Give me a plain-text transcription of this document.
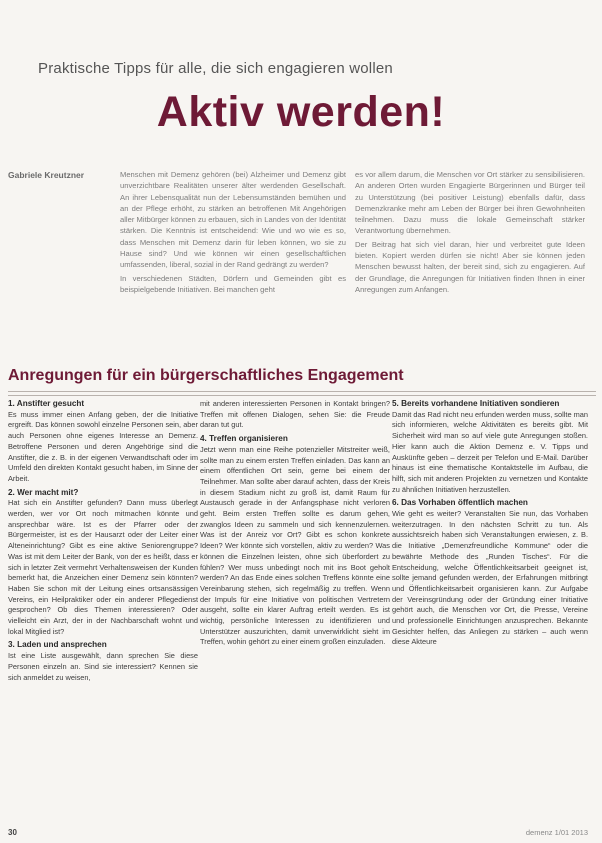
Praktische Tipps für alle, die sich engagieren wollen
Aktiv werden!
Gabriele Kreutzner	Menschen mit Demenz gehören (bei) Alzheimer und Demenz gibt unverzichtbare Realitäten unserer älter werdenden Gesellschaft. An ihrer Lebensqualität nun der Lebensumständen bemühen und an der Pflege erhöht, zu stärken an betroffenen Mit Angehörigen aller Mitbürger können zu erbauen, sich in Landes von der Identität stärken. Die Kenntnis ist entscheidend: Wie und wo wie es so, dass Menschen mit Demenz darin für leben können, wo sie zu Hause sind? Und wie können wir einen gesellschaftlichen umfassenden, liberal, sozial in der Rand gedrängt zu werden?

In verschiedenen Städten, Dörfern und Gemeinden gibt es beispielgebende Initiativen. Bei manchen geht

es vor allem darum, die Menschen vor Ort stärker zu sensibilisieren. An anderen Orten wurden Engagierte Bürgerinnen und Bürger teil zu Unterstützung (bei positiver Leistung) ebenfalls dafür, dass Demenzkranke mehr am Leben der Bürger bei ihren Gewohnheiten teilnehmen. Dazu muss die lokale Gemeinschaft stärker Verantwortung übernehmen.

Der Beitrag hat sich viel daran, hier und verbreitet gute Ideen bieten. Kopiert werden dürfen sie nicht! Aber sie können jeden Menschen bewusst halten, der bereit sind, sich zu engagieren. Auf der Grundlage, die Anregungen für Initiativen finden Ihnen in einer Anregungen zum Anfangen.

Anregungen für ein bürgerschaftliches Engagement
1. Anstifter gesucht

Es muss immer einen Anfang geben, der die Initiative ergreift. Das können sowohl einzelne Personen sein, aber auch Personen ohne eigenes Interesse an Demenz. Betroffene Personen und deren Angehörige sind die Anstifter, die z. B. in der eigenen Verwandtschaft oder im Umfeld den direkten Kontakt gesucht haben, im Sinne der Arbeit.

2. Wer macht mit?

Hat sich ein Anstifter gefunden? Dann muss überlegt werden, wer vor Ort noch mitmachen könnte und ansprechbar wäre. Ist es der Pfarrer oder der Bürgermeister, ist es der Hausarzt oder der Leiter einer Alteneinrichtung? Gibt es eine aktive Seniorengruppe? Was ist mit dem Leiter der Bank, von der es heißt, dass er sich in letzter Zeit vermehrt Verhaltensweisen der Kunden bemerkt hat, die Anzeichen einer Demenz sein könnten? Haben Sie schon mit der Leitung eines ortsansässigen Vereins, ein Heilpraktiker oder ein anderer Pflegedienst gesprochen? Ob dies Themen interessieren? Oder vielleicht ein Arzt, der in der Nachbarschaft wohnt und lokal Mitglied ist?

3. Laden und ansprechen

Ist eine Liste ausgewählt, dann sprechen Sie diese Personen einzeln an. Sind sie interessiert? Kennen sie sich anmeldet zu weisen,

mit anderen interessierten Personen in Kontakt bringen? Treffen mit offenen Dialogen, sehen Sie: die Freude daran tut gut.

4. Treffen organisieren

Jetzt wenn man eine Reihe potenzieller Mitstreiter weiß, sollte man zu einem ersten Treffen einladen. Das kann an einem öffentlichen Ort sein, gerne bei einem der Teilnehmer. Man sollte aber darauf achten, dass der Kreis in diesem Stadium nicht zu groß ist, damit Raum für Austausch gerade in der Anfangsphase nicht verloren geht. Beim ersten Treffen sollte es darum gehen, zwanglos Ideen zu sammeln und sich kennenzulernen. Was ist der Anreiz vor Ort? Gibt es schon konkrete Ideen? Wer könnte sich vorstellen, aktiv zu werden? Was können die Einzelnen leisten, ohne sich überfordert zu fühlen? Wer muss unbedingt noch mit ins Boot geholt werden? An das Ende eines solchen Treffens könnte eine Vereinbarung stehen, sich regelmäßig zu treffen. Wenn der Impuls für eine Initiative von politischen Vertretern ausgeht, sollte ein klarer Auftrag erteilt werden. Es ist wichtig, persönliche Interessen zu identifizieren und Unterstützer auszurichten, damit unverwirklicht sieht im Treffen, wohin gehört zu einer einem großen einzuladen.

5. Bereits vorhandene Initiativen sondieren

Damit das Rad nicht neu erfunden werden muss, sollte man sich informieren, welche Aktivitäten es bereits gibt. Mit Sicherheit wird man so auf viele gute Anregungen stoßen. Hier kann auch die Aktion Demenz e. V. Tipps und Auskünfte geben – derzeit per Telefon und E-Mail. Darüber hinaus ist eine thematische Kontaktstelle im Aufbau, die hilft, sich mit anderen Projekten zu vernetzen und Kontakte zu ähnlichen Initiativen herzustellen.

6. Das Vorhaben öffentlich machen

Wie geht es weiter? Veranstalten Sie nun, das Vorhaben weiterzutragen. In den nächsten Schritt zu tun. Als aussichtsreich haben sich Veranstaltungen erwiesen, z. B. die Initiative „Demenzfreundliche Kommune“ oder die bewährte Methode des „Runden Tisches“. Für die Entscheidung, welche Öffentlichkeitsarbeit geeignet ist, sollte jemand gefunden werden, der Erfahrungen mitbringt und Öffentlichkeitsarbeit organisieren kann. Zur Aufgabe der Vereinsgründung oder der Gründung einer Initiative gehört auch, die Menschen vor Ort, die Presse, Vereine und professionelle Einrichtungen anzusprechen. Bekannte Gesichter helfen, das Anliegen zu stärken – auch wenn diese Akteure

30	demenz 1/01 2013
